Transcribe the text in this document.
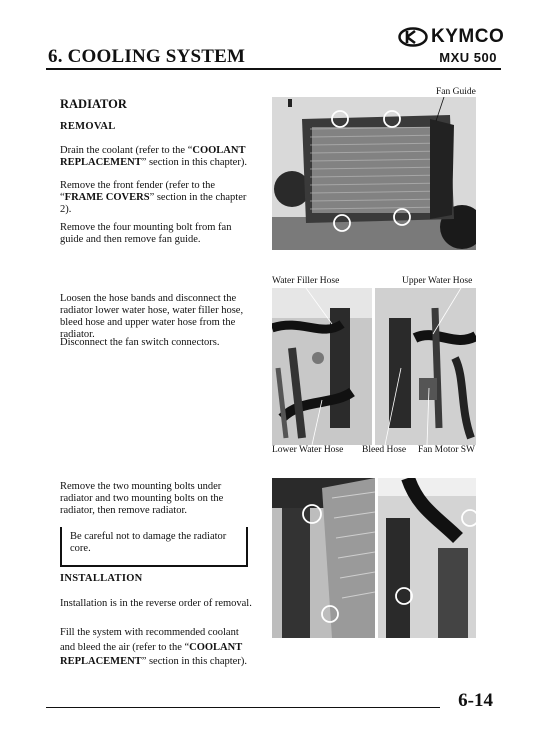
KYMCO
6. COOLING SYSTEM	MXU 500
RADIATOR
REMOVAL
Drain the coolant (refer to the “COOLANT REPLACEMENT” section in this chapter).
Remove the front fender (refer to the “FRAME COVERS” section in the chapter 2).
Remove the four mounting bolt from fan guide and then remove fan guide.
Loosen the hose bands and disconnect the radiator lower water hose, water filler hose, bleed hose and upper water hose from the radiator.
Disconnect the fan switch connectors.
Remove the two mounting bolts under radiator and two mounting bolts on the radiator, then remove radiator.
Be careful not to damage the radiator core.
INSTALLATION
Installation is in the reverse order of removal.
Fill the system with recommended coolant and bleed the air (refer to the “COOLANT REPLACEMENT” section in this chapter).
Fan Guide
Water Filler Hose	Upper Water Hose
Lower Water Hose Bleed Hose Fan Motor SW
6-14
